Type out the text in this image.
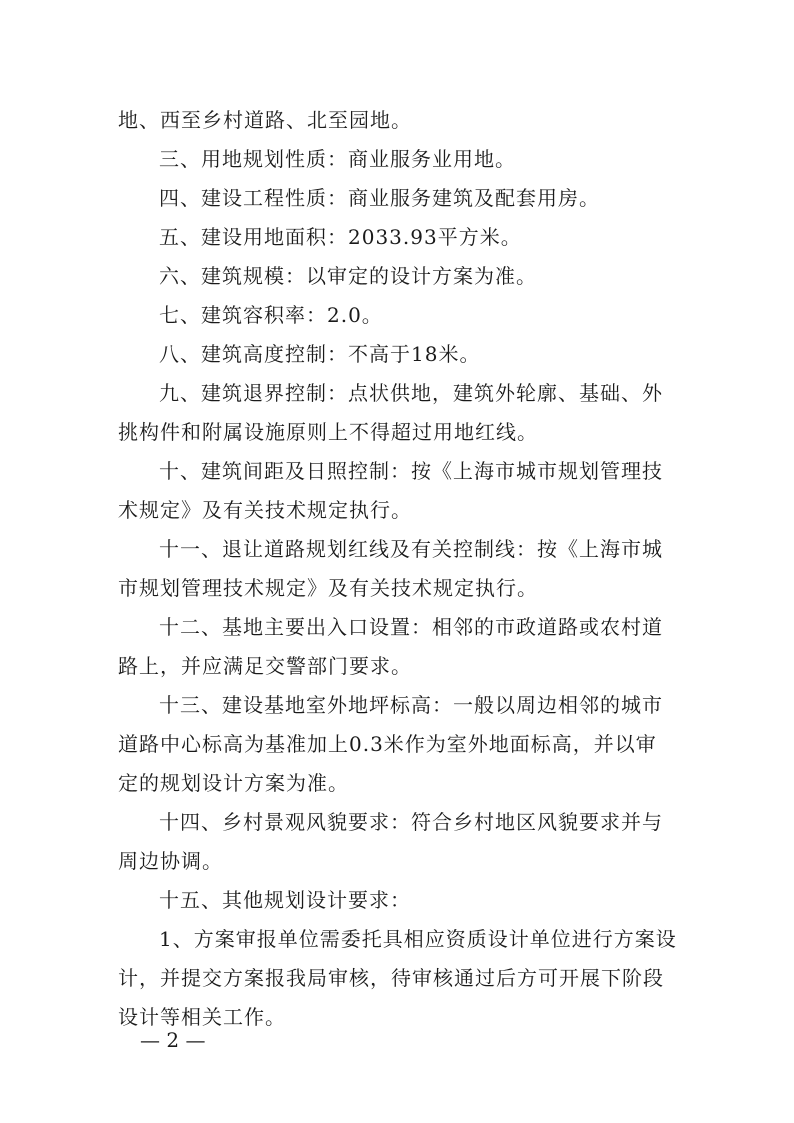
地、西至乡村道路、北至园地。
三、用地规划性质：商业服务业用地。
四、建设工程性质：商业服务建筑及配套用房。
五、建设用地面积：2033.93平方米。
六、建筑规模：以审定的设计方案为准。
七、建筑容积率：2.0。
八、建筑高度控制：不高于18米。
九、建筑退界控制：点状供地，建筑外轮廓、基础、外
挑构件和附属设施原则上不得超过用地红线。
十、建筑间距及日照控制：按《上海市城市规划管理技
术规定》及有关技术规定执行。
十一、退让道路规划红线及有关控制线：按《上海市城
市规划管理技术规定》及有关技术规定执行。
十二、基地主要出入口设置：相邻的市政道路或农村道
路上，并应满足交警部门要求。
十三、建设基地室外地坪标高：一般以周边相邻的城市
道路中心标高为基准加上0.3米作为室外地面标高，并以审
定的规划设计方案为准。
十四、乡村景观风貌要求：符合乡村地区风貌要求并与
周边协调。
十五、其他规划设计要求：
1、方案审报单位需委托具相应资质设计单位进行方案设
计，并提交方案报我局审核，待审核通过后方可开展下阶段
设计等相关工作。
— 2 —
